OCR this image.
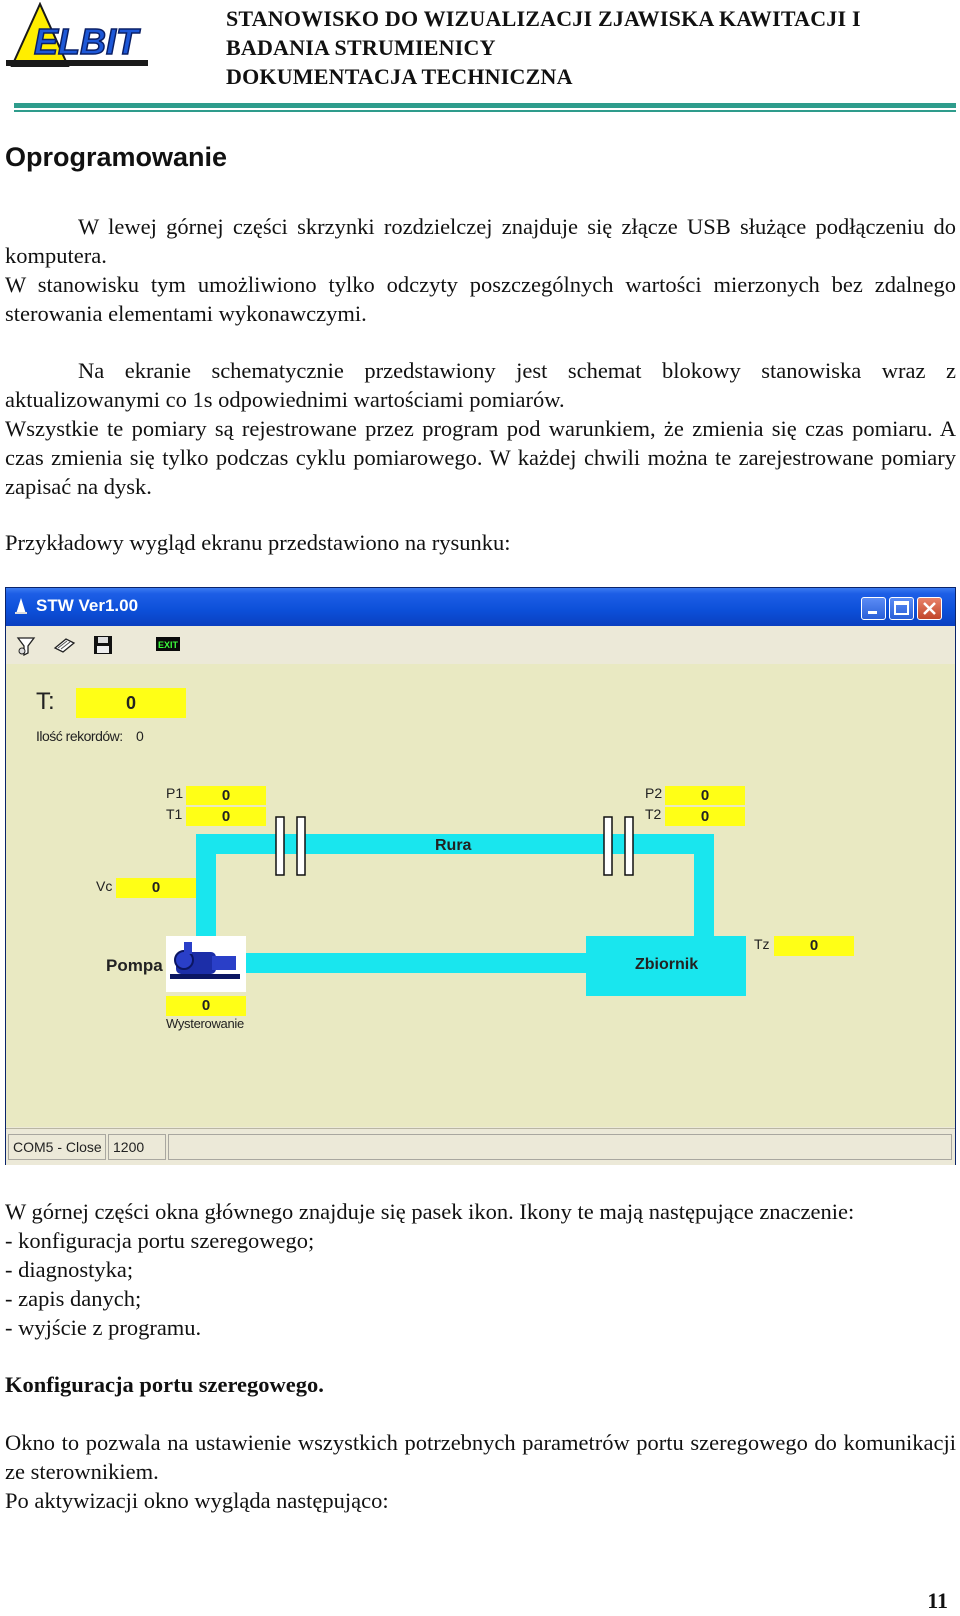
ELBIT
STANOWISKO DO WIZUALIZACJI ZJAWISKA KAWITACJI I
BADANIA STRUMIENICY
DOKUMENTACJA TECHNICZNA
Oprogramowanie
W lewej górnej części skrzynki rozdzielczej znajduje się złącze USB służące podłączeniu do komputera.
W stanowisku tym umożliwiono tylko odczyty poszczególnych wartości mierzonych bez zdalnego sterowania elementami wykonawczymi.
Na ekranie schematycznie przedstawiony jest schemat blokowy stanowiska wraz z aktualizowanymi co 1s odpowiednimi wartościami pomiarów.
Wszystkie te pomiary są rejestrowane przez program pod warunkiem, że zmienia się czas pomiaru. A czas zmienia się tylko podczas cyklu pomiarowego. W każdej chwili można te zarejestrowane pomiary zapisać na dysk.
Przykładowy wygląd ekranu przedstawiono na rysunku:
STW Ver1.00
EXIT
T:	0
Ilość rekordów: 0
Rura
Zbiornik
P1	0
T1	0
P2	0
T2	0
Vc	0
Tz	0
Pompa
0
Wysterowanie
COM5 - Close 1200
W górnej części okna głównego znajduje się pasek ikon. Ikony te mają następujące znaczenie:
- konfiguracja portu szeregowego;
- diagnostyka;
- zapis danych;
- wyjście z programu.
Konfiguracja portu szeregowego.
Okno to pozwala na ustawienie wszystkich potrzebnych parametrów portu szeregowego do komunikacji ze sterownikiem.
Po aktywizacji okno wygląda następująco:
11
